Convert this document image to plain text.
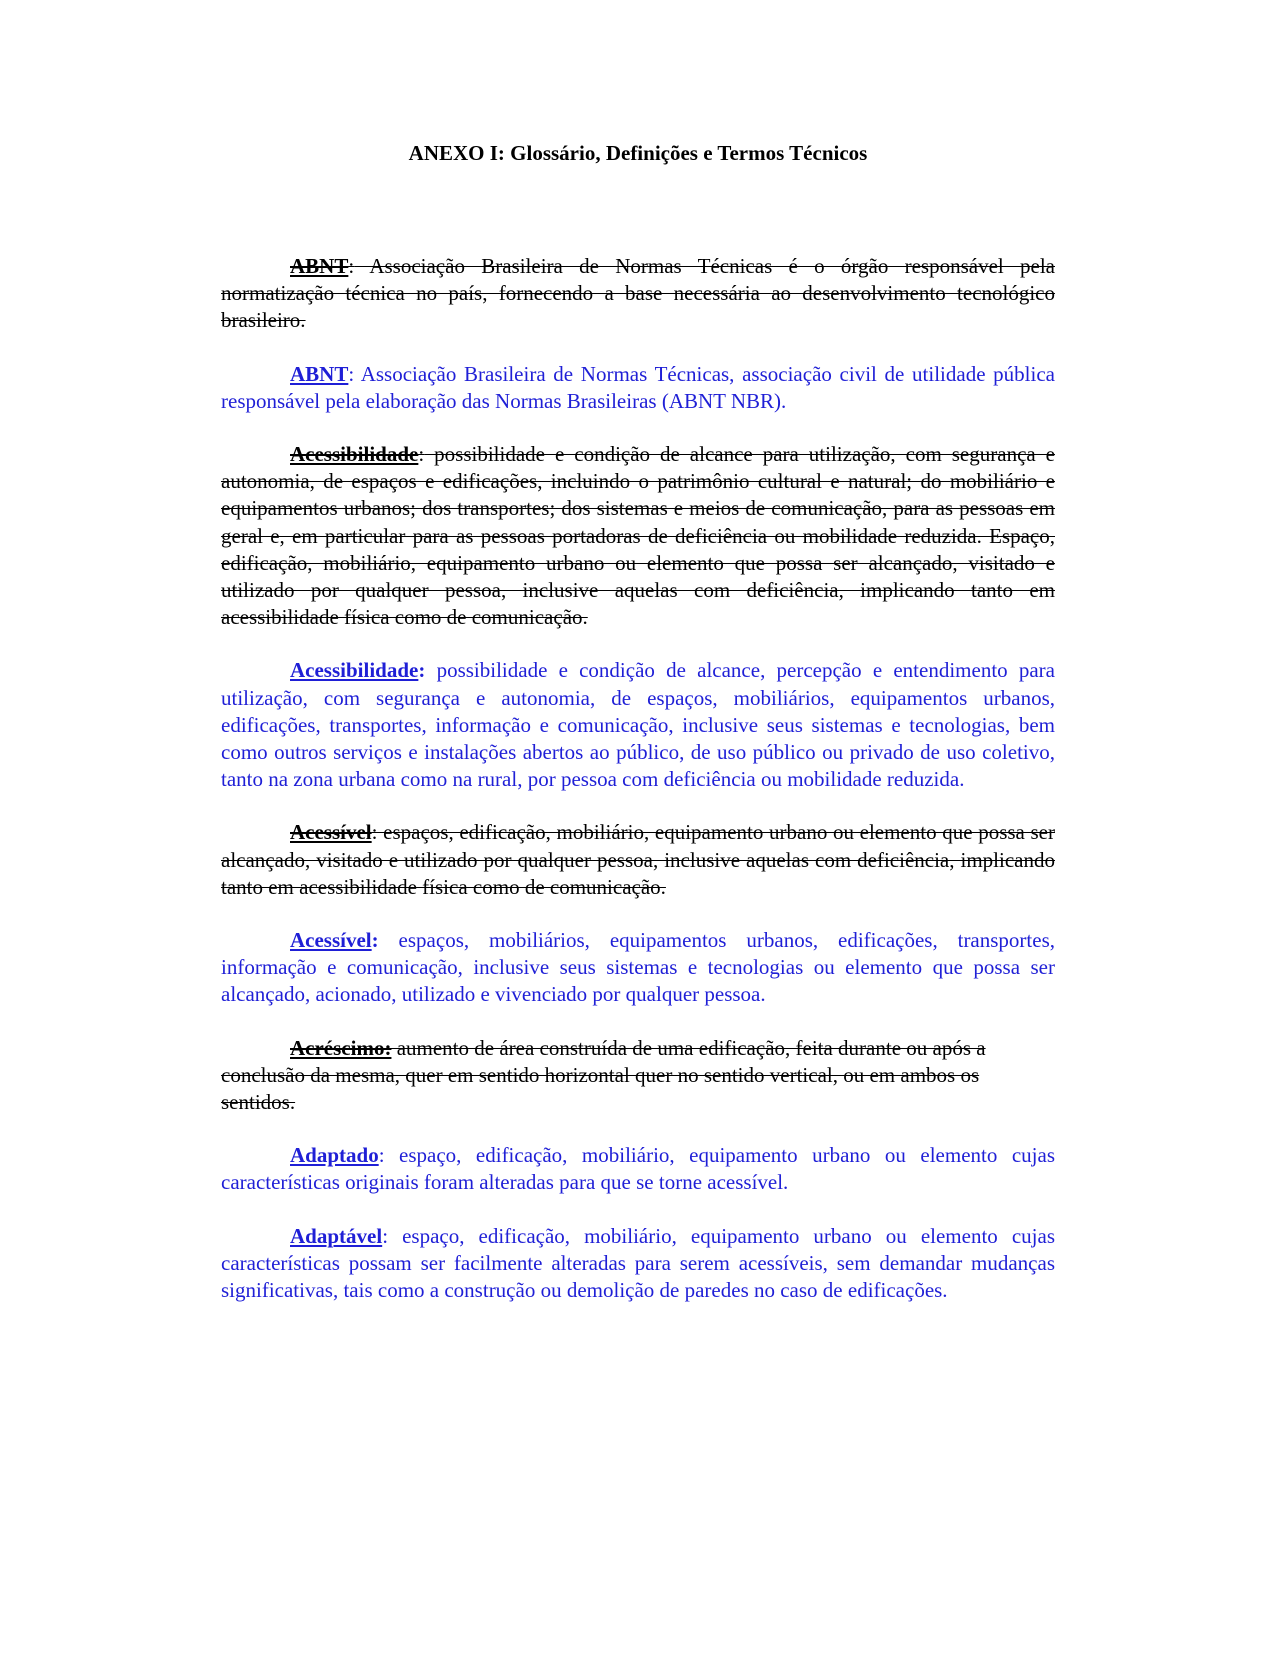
ANEXO I: Glossário, Definições e Termos Técnicos

ABNT: Associação Brasileira de Normas Técnicas é o órgão responsável pela normatização técnica no país, fornecendo a base necessária ao desenvolvimento tecnológico brasileiro.

ABNT: Associação Brasileira de Normas Técnicas, associação civil de utilidade pública responsável pela elaboração das Normas Brasileiras (ABNT NBR).

Acessibilidade: possibilidade e condição de alcance para utilização, com segurança e autonomia, de espaços e edificações, incluindo o patrimônio cultural e natural; do mobiliário e equipamentos urbanos; dos transportes; dos sistemas e meios de comunicação, para as pessoas em geral e, em particular para as pessoas portadoras de deficiência ou mobilidade reduzida. Espaço, edificação, mobiliário, equipamento urbano ou elemento que possa ser alcançado, visitado e utilizado por qualquer pessoa, inclusive aquelas com deficiência, implicando tanto em acessibilidade física como de comunicação.

Acessibilidade: possibilidade e condição de alcance, percepção e entendimento para utilização, com segurança e autonomia, de espaços, mobiliários, equipamentos urbanos, edificações, transportes, informação e comunicação, inclusive seus sistemas e tecnologias, bem como outros serviços e instalações abertos ao público, de uso público ou privado de uso coletivo, tanto na zona urbana como na rural, por pessoa com deficiência ou mobilidade reduzida.

Acessível: espaços, edificação, mobiliário, equipamento urbano ou elemento que possa ser alcançado, visitado e utilizado por qualquer pessoa, inclusive aquelas com deficiência, implicando tanto em acessibilidade física como de comunicação.

Acessível: espaços, mobiliários, equipamentos urbanos, edificações, transportes, informação e comunicação, inclusive seus sistemas e tecnologias ou elemento que possa ser alcançado, acionado, utilizado e vivenciado por qualquer pessoa.

Acréscimo: aumento de área construída de uma edificação, feita durante ou após a conclusão da mesma, quer em sentido horizontal quer no sentido vertical, ou em ambos os sentidos.

Adaptado: espaço, edificação, mobiliário, equipamento urbano ou elemento cujas características originais foram alteradas para que se torne acessível.

Adaptável: espaço, edificação, mobiliário, equipamento urbano ou elemento cujas características possam ser facilmente alteradas para serem acessíveis, sem demandar mudanças significativas, tais como a construção ou demolição de paredes no caso de edificações.
